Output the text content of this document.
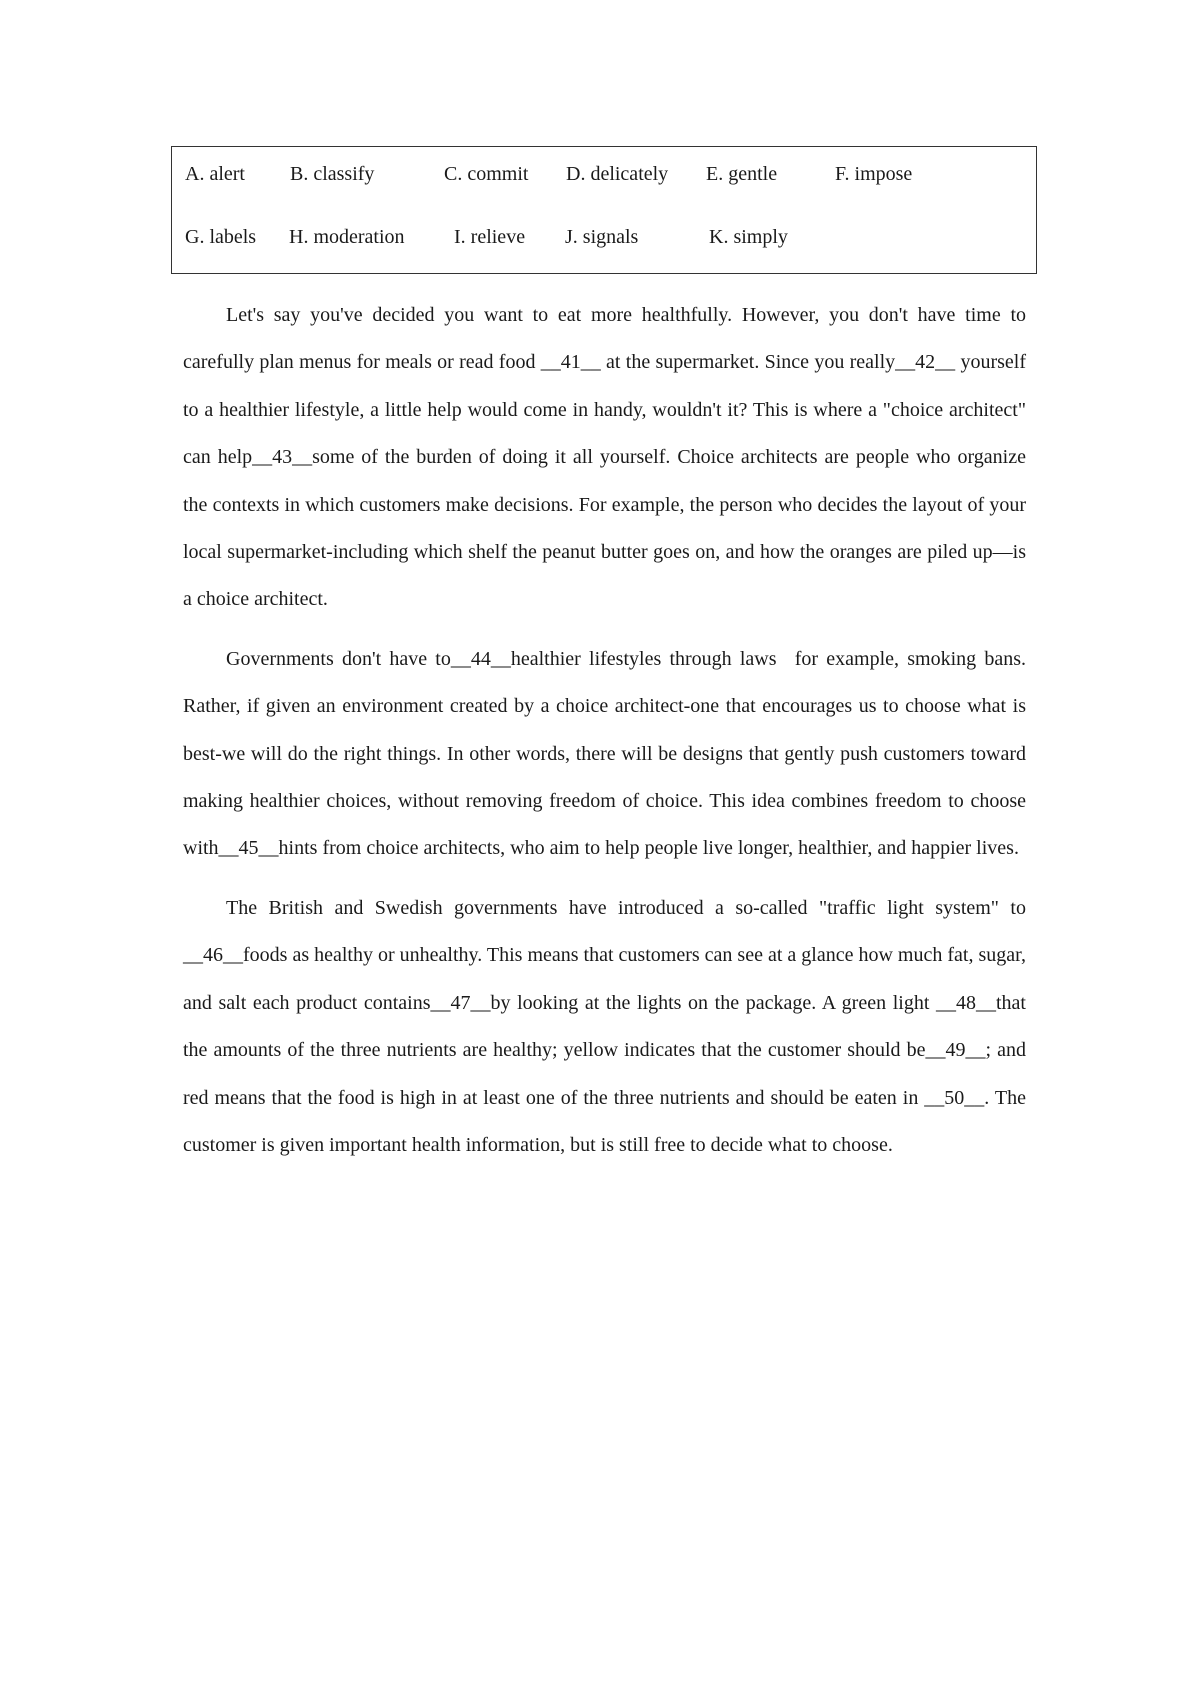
A. alert B. classify	C. commit D. delicately E. gentle	F. impose
G. labels H. moderation I. relieve J. signals	K. simply

Let's say you've decided you want to eat more healthfully. However, you don't have time to carefully plan menus for meals or read food __41__ at the supermarket. Since you really__42__ yourself to a healthier lifestyle, a little help would come in handy, wouldn't it? This is where a "choice architect" can help__43__some of the burden of doing it all yourself. Choice architects are people who organize the contexts in which customers make decisions. For example, the person who decides the layout of your local supermarket-including which shelf the peanut butter goes on, and how the oranges are piled up—is a choice architect.

Governments don't have to__44__healthier lifestyles through laws  for example, smoking bans. Rather, if given an environment created by a choice architect-one that encourages us to choose what is best-we will do the right things. In other words, there will be designs that gently push customers toward making healthier choices, without removing freedom of choice. This idea combines freedom to choose with__45__hints from choice architects, who aim to help people live longer, healthier, and happier lives.

The British and Swedish governments have introduced a so-called "traffic light system" to __46__foods as healthy or unhealthy. This means that customers can see at a glance how much fat, sugar, and salt each product contains__47__by looking at the lights on the package. A green light __48__that the amounts of the three nutrients are healthy; yellow indicates that the customer should be__49__; and red means that the food is high in at least one of the three nutrients and should be eaten in __50__. The customer is given important health information, but is still free to decide what to choose.
